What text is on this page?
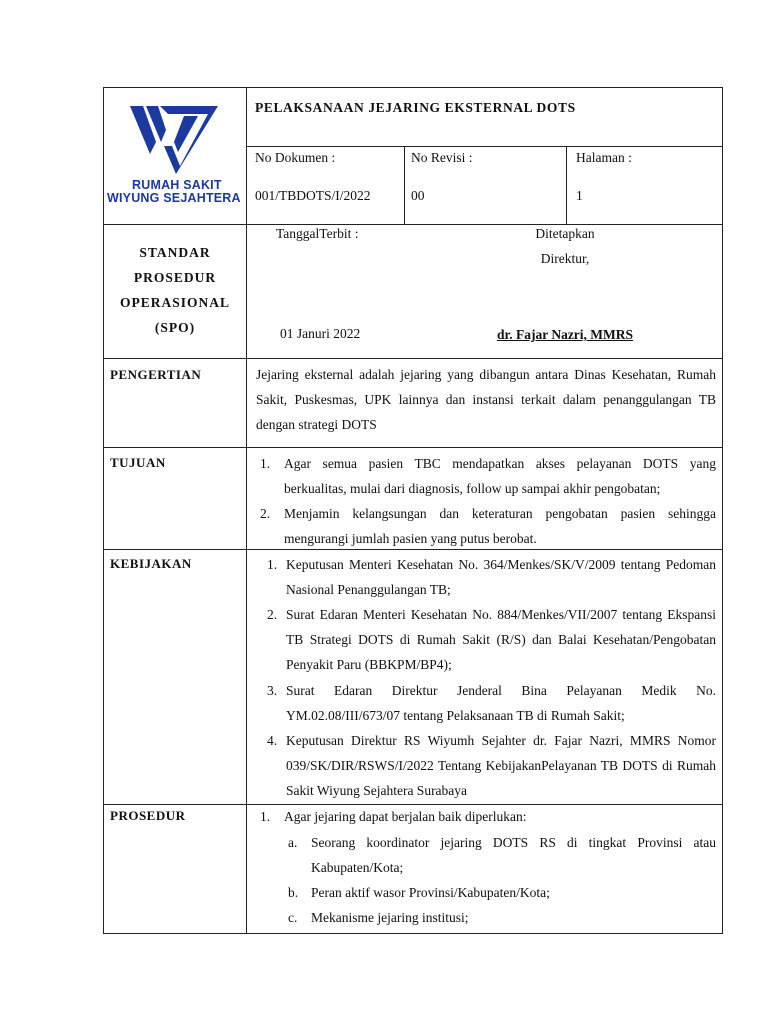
RUMAH SAKIT
WIYUNG SEJAHTERA
PELAKSANAAN JEJARING EKSTERNAL DOTS
No Dokumen :
001/TBDOTS/I/2022
No Revisi :
00
Halaman :
1
STANDAR
PROSEDUR
OPERASIONAL
(SPO)
TanggalTerbit :
01 Januri 2022
Ditetapkan
Direktur,
dr. Fajar Nazri, MMRS
PENGERTIAN	Jejaring eksternal adalah jejaring yang dibangun antara Dinas Kesehatan, Rumah Sakit, Puskesmas, UPK lainnya dan instansi terkait dalam penanggulangan TB dengan strategi DOTS
TUJUAN	1. Agar semua pasien TBC mendapatkan akses pelayanan DOTS yang berkualitas, mulai dari diagnosis, follow up sampai akhir pengobatan;
2. Menjamin kelangsungan dan keteraturan pengobatan pasien sehingga mengurangi jumlah pasien yang putus berobat.
KEBIJAKAN	1. Keputusan Menteri Kesehatan No. 364/Menkes/SK/V/2009 tentang Pedoman Nasional Penanggulangan TB;
2. Surat Edaran Menteri Kesehatan No. 884/Menkes/VII/2007 tentang Ekspansi TB Strategi DOTS di Rumah Sakit (R/S) dan Balai Kesehatan/Pengobatan Penyakit Paru (BBKPM/BP4);
3. Surat Edaran Direktur Jenderal Bina Pelayanan Medik No. YM.02.08/III/673/07 tentang Pelaksanaan TB di Rumah Sakit;
4. Keputusan Direktur RS Wiyumh Sejahter dr. Fajar Nazri, MMRS Nomor 039/SK/DIR/RSWS/I/2022 Tentang KebijakanPelayanan TB DOTS di Rumah Sakit Wiyung Sejahtera Surabaya
PROSEDUR	1. Agar jejaring dapat berjalan baik diperlukan:
a. Seorang koordinator jejaring DOTS RS di tingkat Provinsi atau Kabupaten/Kota;
b. Peran aktif wasor Provinsi/Kabupaten/Kota;
c. Mekanisme jejaring institusi;
